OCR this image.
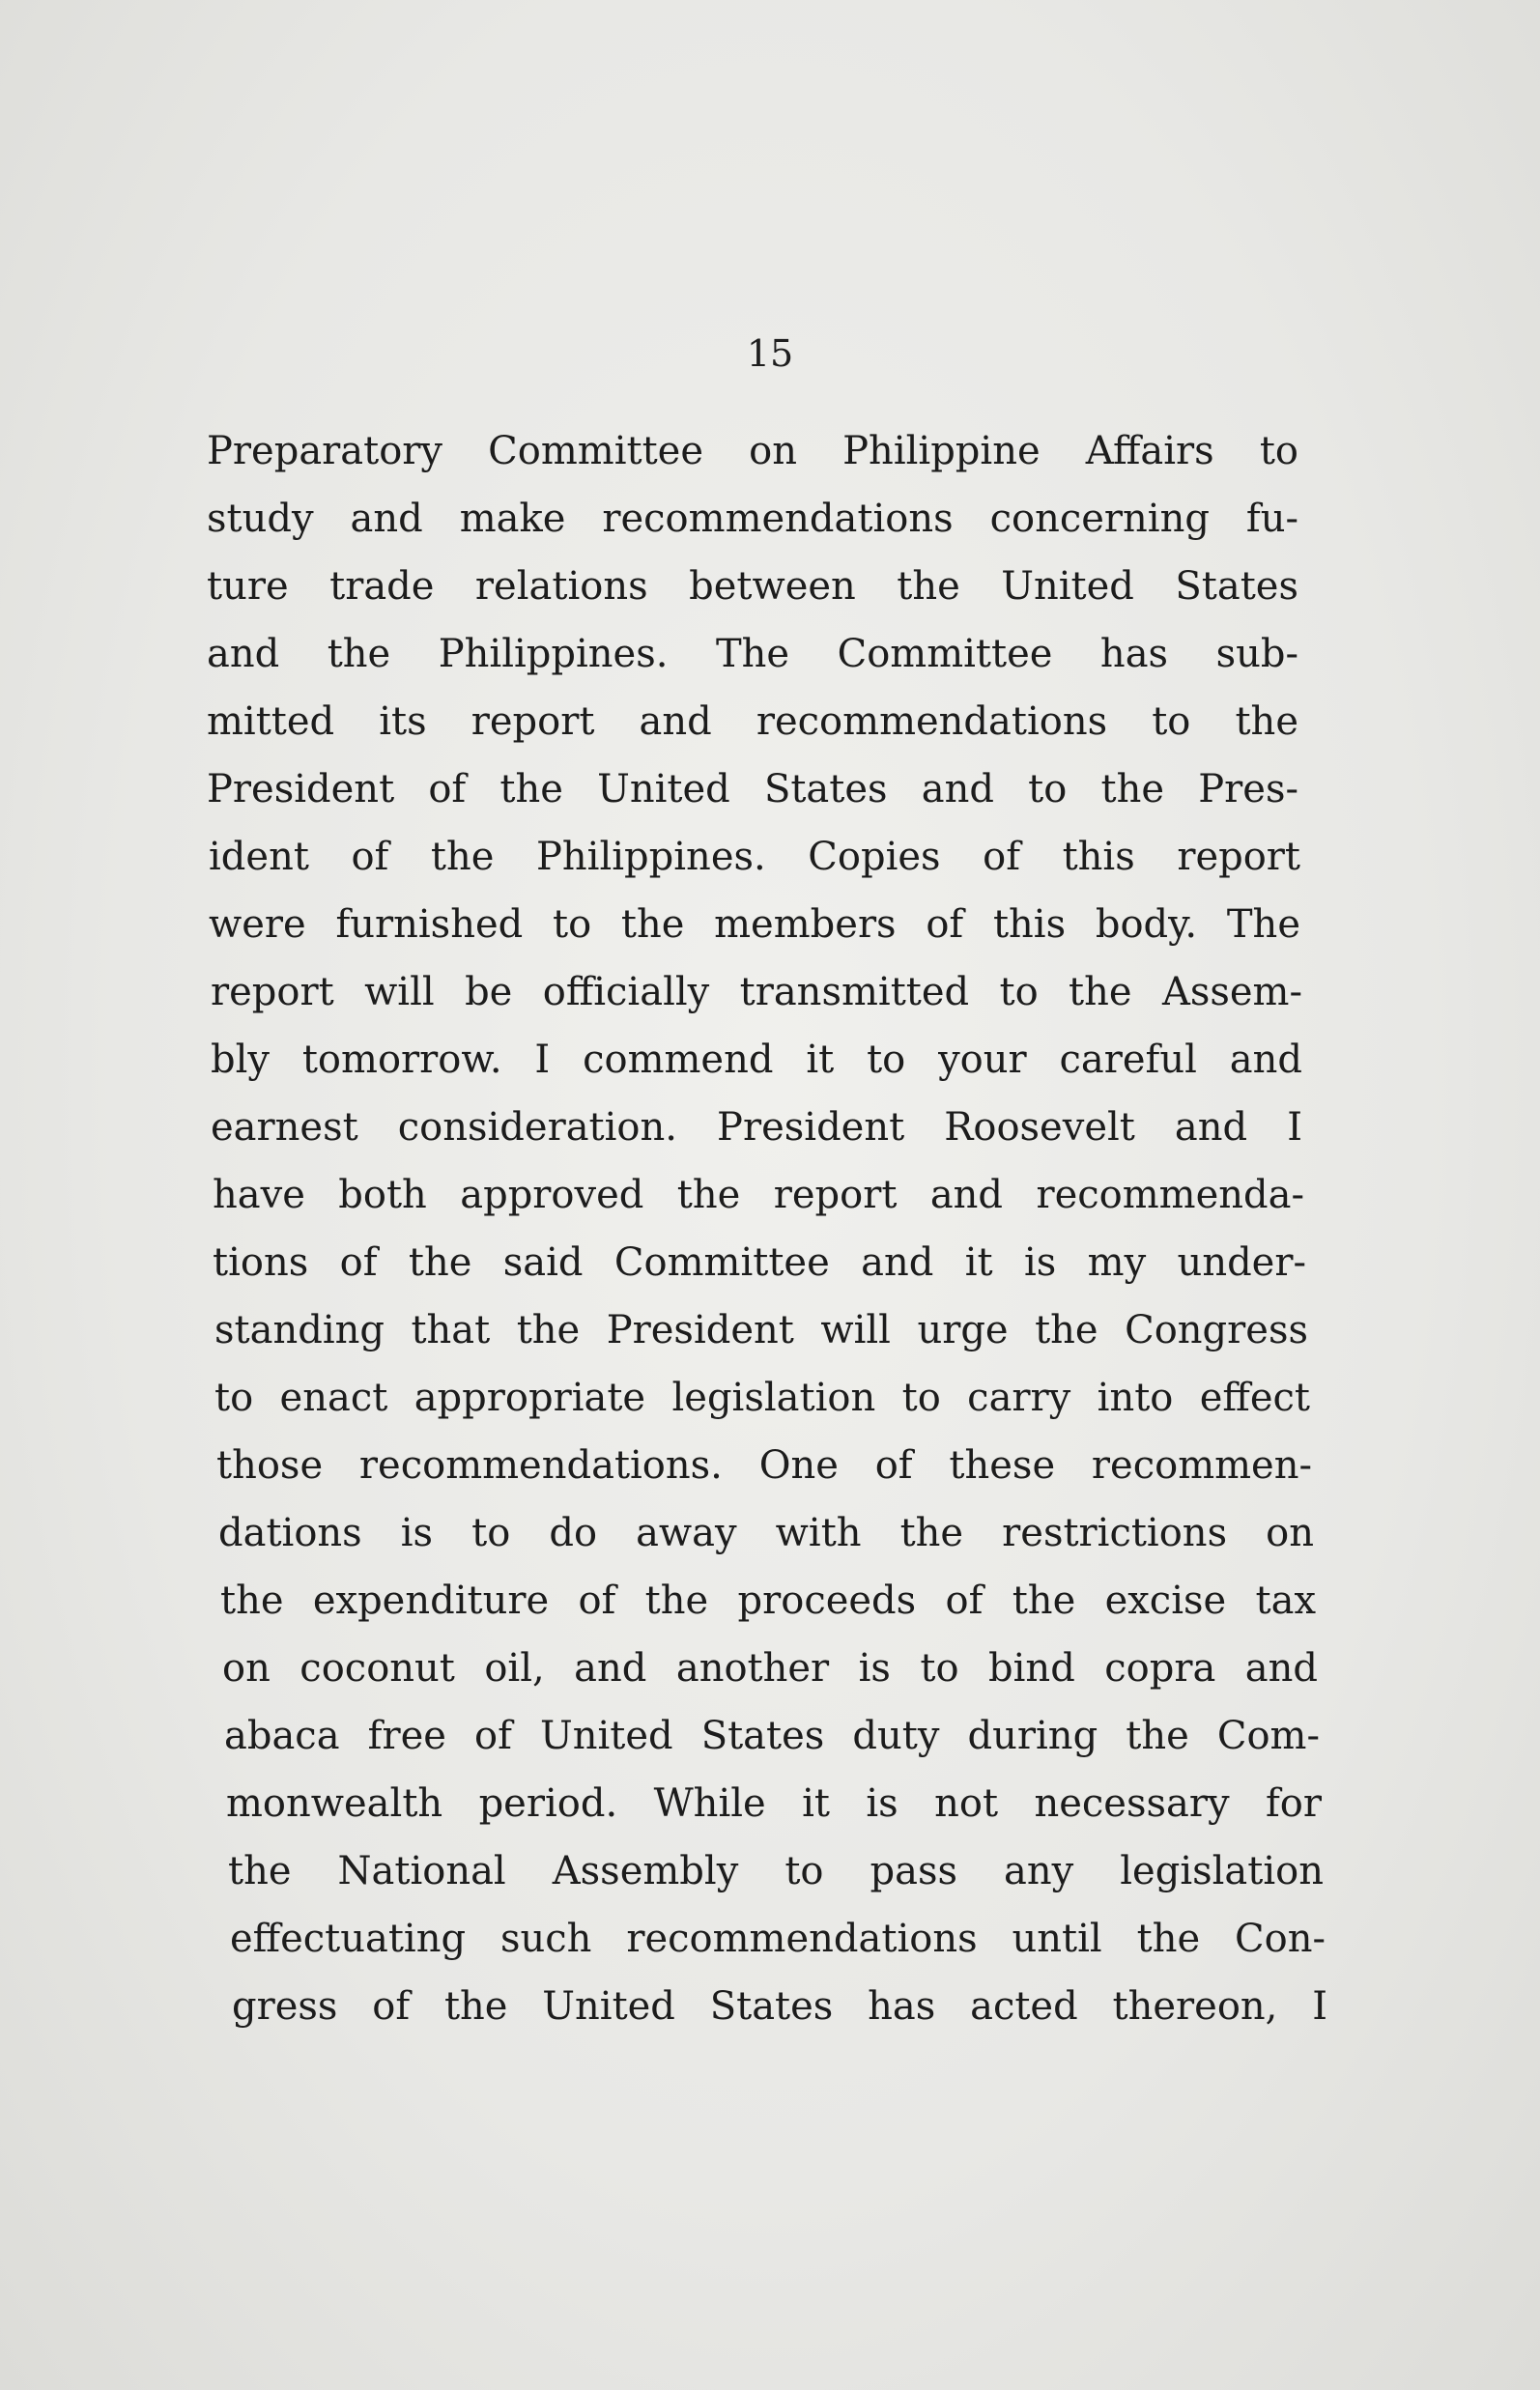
15
Preparatory Committee on Philippine Affairs to
study and make recommendations concerning fu-
ture trade relations between the United States
and the Philippines. The Committee has sub-
mitted its report and recommendations to the
President of the United States and to the Pres-
ident of the Philippines. Copies of this report
were furnished to the members of this body. The
report will be officially transmitted to the Assem-
bly tomorrow. I commend it to your careful and
earnest consideration. President Roosevelt and I
have both approved the report and recommenda-
tions of the said Committee and it is my under-
standing that the President will urge the Congress
to enact appropriate legislation to carry into effect
those recommendations. One of these recommen-
dations is to do away with the restrictions on
the expenditure of the proceeds of the excise tax
on coconut oil, and another is to bind copra and
abaca free of United States duty during the Com-
monwealth period. While it is not necessary for
the National Assembly to pass any legislation
effectuating such recommendations until the Con-
gress of the United States has acted thereon, I
